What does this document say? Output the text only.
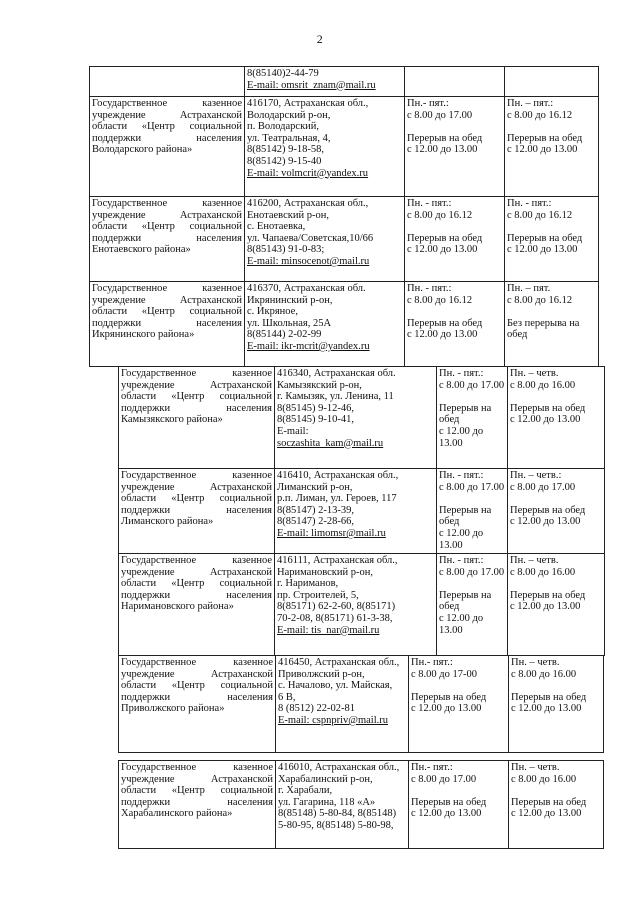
2
8(85140)2-44-79
E-mail: omsrit_znam@mail.ru
Государственное казенное учреждение Астраханской области «Центр социальной поддержки населения Володарского района»
416170, Астраханская обл.,
Володарский р-он,
п. Володарский,
ул. Театральная, 4,
8(85142) 9-18-58,
8(85142) 9-15-40
E-mail: volmcrit@yandex.ru
Пн.- пят.:
с 8.00 до 17.00
Перерыв на обед
с 12.00 до 13.00
Пн. – пят.:
с 8.00 до 16.12
Перерыв на обед
с 12.00 до 13.00
Государственное казенное учреждение Астраханской области «Центр социальной поддержки населения Енотаевского района»
416200, Астраханская обл.,
Енотаевский р-он,
с. Енотаевка,
ул. Чапаева/Советская,10/66
8(85143) 91-0-83;
E-mail: minsocenot@mail.ru
Пн. - пят.:
с 8.00 до 16.12
Перерыв на обед
с 12.00 до 13.00
Пн. - пят.:
с 8.00 до 16.12
Перерыв на обед
с 12.00 до 13.00
Государственное казенное учреждение Астраханской области «Центр социальной поддержки населения Икрянинского района»
416370, Астраханская обл.
Икрянинский р-он,
с. Икряное,
ул. Школьная, 25А
8(85144) 2-02-99
E-mail: ikr-mcrit@yandex.ru
Пн. - пят.:
с 8.00 до 16.12
Перерыв на обед
с 12.00 до 13.00
Пн. – пят.
с 8.00 до 16.12
Без перерыва на
обед
Государственное казенное учреждение Астраханской области «Центр социальной поддержки населения Камызякского района»
416340, Астраханская обл.
Камызякский р-он,
г. Камызяк, ул. Ленина, 11
8(85145) 9-12-46,
8(85145) 9-10-41,
E-mail:
soczashita_kam@mail.ru
Пн. - пят.:
с 8.00 до 17.00
Перерыв на обед
с 12.00 до 13.00
Пн. – четв.
с 8.00 до 16.00
Перерыв на обед
с 12.00 до 13.00
Государственное казенное учреждение Астраханской области «Центр социальной поддержки населения Лиманского района»
416410, Астраханская обл.,
Лиманский р-он,
р.п. Лиман, ул. Героев, 117
8(85147) 2-13-39,
8(85147) 2-28-66,
E-mail: limomsr@mail.ru
Пн. - пят.:
с 8.00 до 17.00
Перерыв на обед
с 12.00 до 13.00
Пн. – четв.:
с 8.00 до 17.00
Перерыв на обед
с 12.00 до 13.00
Государственное казенное учреждение Астраханской области «Центр социальной поддержки населения Наримановского района»
416111, Астраханская обл.,
Наримановский р-он,
г. Нариманов,
пр. Строителей, 5,
8(85171) 62-2-60, 8(85171)
70-2-08, 8(85171) 61-3-38,
E-mail: tis_nar@mail.ru
Пн. - пят.:
с 8.00 до 17.00
Перерыв на обед
с 12.00 до 13.00
Пн. – четв.
с 8.00 до 16.00
Перерыв на обед
с 12.00 до 13.00
Государственное казенное учреждение Астраханской области «Центр социальной поддержки населения Приволжского района»
416450, Астраханская обл.,
Приволжский р-он,
с. Началово, ул. Майская,
6 В,
8 (8512) 22-02-81
E-mail: cspnpriv@mail.ru
Пн.- пят.:
с 8.00 до 17-00
Перерыв на обед
с 12.00 до 13.00
Пн. – четв.
с 8.00 до 16.00
Перерыв на обед
с 12.00 до 13.00
Государственное казенное учреждение Астраханской области «Центр социальной поддержки населения Харабалинского района»
416010, Астраханская обл.,
Харабалинский р-он,
г. Харабали,
ул. Гагарина, 118 «А»
8(85148) 5-80-84, 8(85148)
5-80-95, 8(85148) 5-80-98,
Пн.- пят.:
с 8.00 до 17.00
Перерыв на обед
с 12.00 до 13.00
Пн. – четв.
с 8.00 до 16.00
Перерыв на обед
с 12.00 до 13.00
